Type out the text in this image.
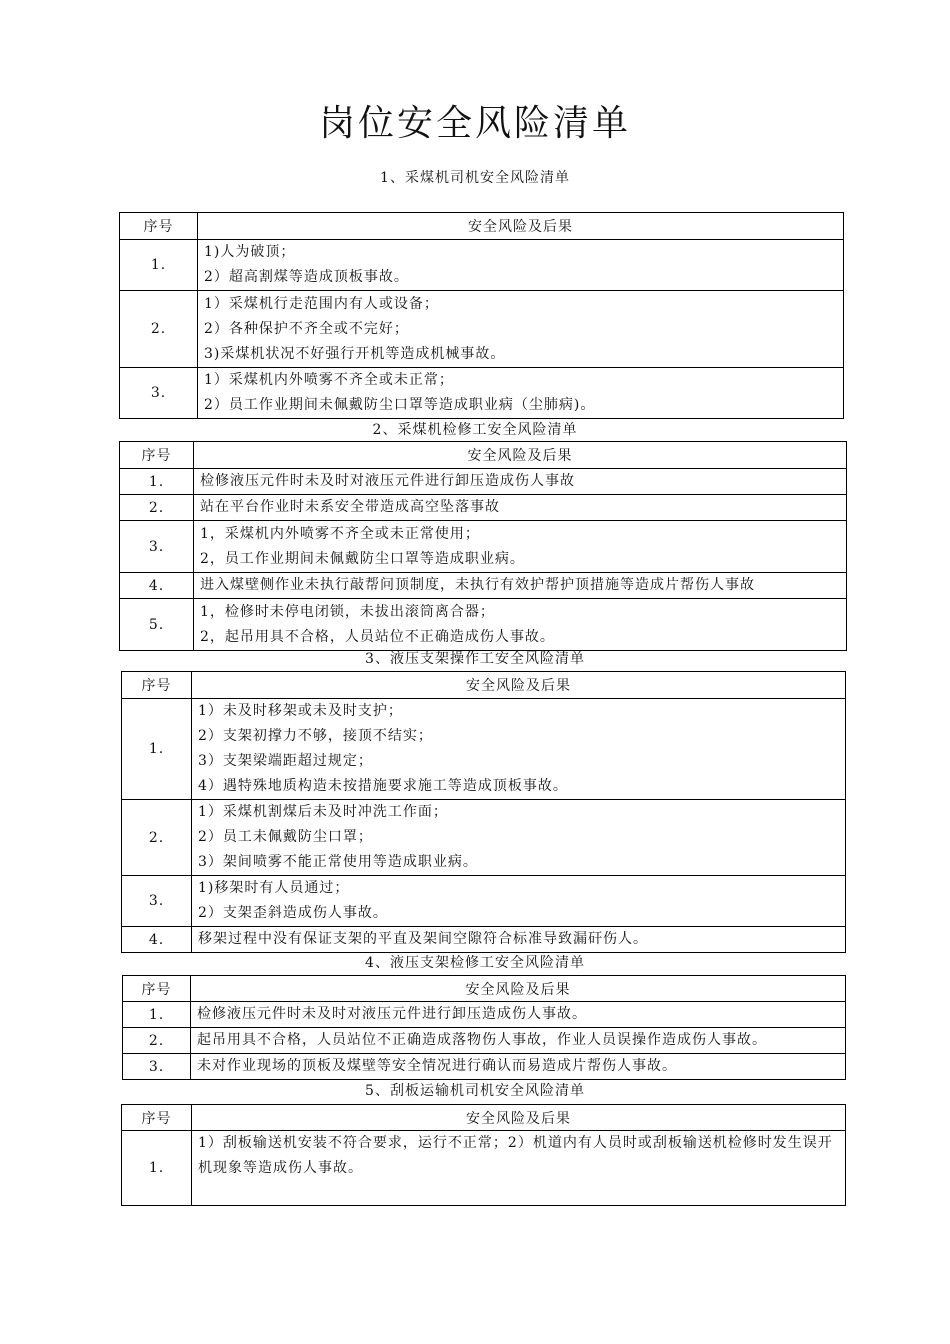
岗位安全风险清单
1、采煤机司机安全风险清单
序号	安全风险及后果
1.	1)人为破顶；
2）超高割煤等造成顶板事故。

2.	1）采煤机行走范围内有人或设备；
2）各种保护不齐全或不完好；
3)采煤机状况不好强行开机等造成机械事故。

3.	1）采煤机内外喷雾不齐全或未正常；
2）员工作业期间未佩戴防尘口罩等造成职业病（尘肺病)。
2、采煤机检修工安全风险清单
序号	安全风险及后果
1.	检修液压元件时未及时对液压元件进行卸压造成伤人事故

2.	站在平台作业时未系安全带造成高空坠落事故

3.	1，采煤机内外喷雾不齐全或未正常使用；
2，员工作业期间未佩戴防尘口罩等造成职业病。

4.	进入煤壁侧作业未执行敲帮问顶制度，未执行有效护帮护顶措施等造成片帮伤人事故

5.	1，检修时未停电闭锁，未拔出滚筒离合器；
2，起吊用具不合格，人员站位不正确造成伤人事故。
3、液压支架操作工安全风险清单
序号	安全风险及后果
1.	1）未及时移架或未及时支护；
2）支架初撑力不够，接顶不结实；
3）支架梁端距超过规定；
4）遇特殊地质构造未按措施要求施工等造成顶板事故。

2.	1）采煤机割煤后未及时冲洗工作面；
2）员工未佩戴防尘口罩；
3）架间喷雾不能正常使用等造成职业病。

3.	1)移架时有人员通过；
2）支架歪斜造成伤人事故。

4.	移架过程中没有保证支架的平直及架间空隙符合标准导致漏矸伤人。
4、液压支架检修工安全风险清单
序号	安全风险及后果
1.	检修液压元件时未及时对液压元件进行卸压造成伤人事故。

2.	起吊用具不合格，人员站位不正确造成落物伤人事故，作业人员误操作造成伤人事故。

3.	未对作业现场的顶板及煤壁等安全情况进行确认而易造成片帮伤人事故。
5、刮板运输机司机安全风险清单
序号	安全风险及后果
1.	1）刮板输送机安装不符合要求，运行不正常；2）机道内有人员时或刮板输送机检修时发生误开机现象等造成伤人事故。
